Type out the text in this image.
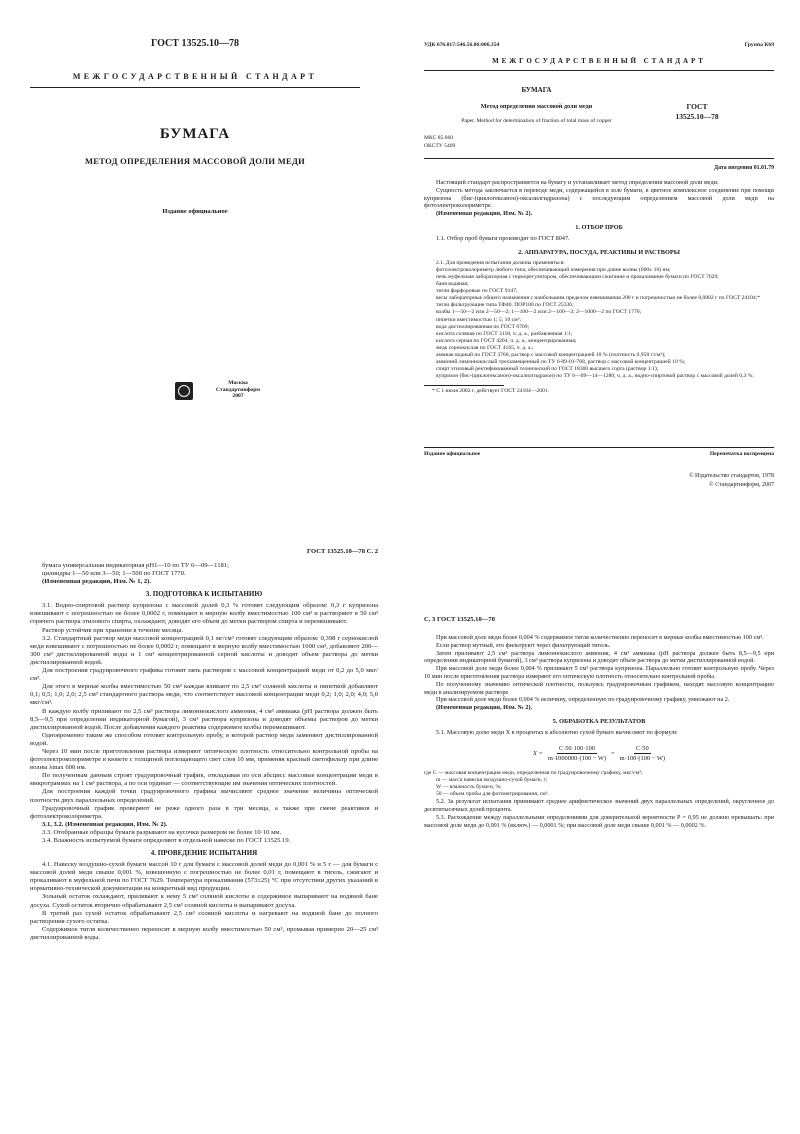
ГОСТ 13525.10—78
МЕЖГОСУДАРСТВЕННЫЙ СТАНДАРТ
БУМАГА
МЕТОД ОПРЕДЕЛЕНИЯ МАССОВОЙ ДОЛИ МЕДИ
Издание официальное
Москва
Стандартинформ
2007
УДК 676.017:546.56.06:006.354	Группа К69
МЕЖГОСУДАРСТВЕННЫЙ СТАНДАРТ
БУМАГА
Метод определения массовой доли меди
Paper. Method for determination of fraction of total mass of copper
ГОСТ
13525.10—78
МКС 85.060
ОКСТУ 5409
Дата введения 01.01.79

Настоящий стандарт распространяется на бумагу и устанавливает метод определения массовой доли меди.

Сущность метода заключается в переводе меди, содержащейся в золе бумаги, в цветное комплексное соединение при помощи купризона (бис-(циклогексанон)-оксалилгидразона) с последующим определением массовой доли меди на фотоэлектроколориметре.

(Измененная редакция, Изм. № 2).

1. ОТБОР ПРОБ

1.1. Отбор проб бумаги производят по ГОСТ 8047.

2. АППАРАТУРА, ПОСУДА, РЕАКТИВЫ И РАСТВОРЫ

2.1. Для проведения испытания должны применяться:

фотоэлектроколориметр любого типа, обеспечивающий измерения при длине волны (600± 10) нм;

печь муфельная лабораторная с терморегулятором, обеспечивающим сжигание и прокаливание бумаги по ГОСТ 7629;

баня водяная;

тигли фарфоровые по ГОСТ 9147;

весы лабораторные общего назначения с наибольшим пределом взвешивания 200 г и погрешностью не более 0,0002 г по ГОСТ 24104;*

тигли фильтрующие типа ТФ40, ПОР100 по ГОСТ 25336;

колбы 1—50—2 или 2—50—2; 1—100—2 или 2—100—2; 2—1000—2 по ГОСТ 1770;

пипетки вместимостью 1; 5; 10 см³;

вода дистиллированная по ГОСТ 6709;

кислота соляная по ГОСТ 3118, ч. д. а., разбавленная 1:1;

кислота серная по ГОСТ 4204, ч. д. а., концентрированная;

медь сернокислая по ГОСТ 4165, ч. д. а.;

аммиак водный по ГОСТ 3760, раствор с массовой концентрацией 10 % (плотность 0,958 г/см³);

аммоний лимоннокислый трехзамещенный по ТУ 6-09-01-768, раствор с массовой концентрацией 10 %;

спирт этиловый ректификованный технический по ГОСТ 18300 высшего сорта (раствор 1:1);

купризон (бис-(циклогексанон)-оксалилгидразон) по ТУ 6—09—14—1280, ч. д. а., водно-спиртовой раствор с массовой долей 0,3 %;

* С 1 июля 2002 г. действует ГОСТ 24104—2001.

Издание официальное	Перепечатка воспрещена
© Издательство стандартов, 1978
© Стандартинформ, 2007
ГОСТ 13525.10—78 С. 2

бумага универсальная индикаторная pH1—10 по ТУ 6—09—1181;

цилиндры 1—50 или 3—50; 1—500 по ГОСТ 1770.

(Измененная редакция, Изм. № 1, 2).

3. ПОДГОТОВКА К ИСПЫТАНИЮ

3.1. Водно-спиртовой раствор купризона с массовой долей 0,3 % готовят следующим образом: 0,3 г купризона взвешивают с погрешностью не более 0,0002 г, помещают в мерную колбу вместимостью 100 см³ и растворяют в 50 см³ горячего раствора этилового спирта, охлаждают, доводят его объем до метки раствором спирта и перемешивают.

Раствор устойчив при хранении в течение месяца.

3.2. Стандартный раствор меди массовой концентрацией 0,1 мг/см³ готовят следующим образом: 0,398 г сернокислой меди взвешивают с погрешностью не более 0,0002 г, помещают в мерную колбу вместимостью 1000 см³, добавляют 200—300 см³ дистиллированной воды и 1 см³ концентрированной серной кислоты и доводят объем раствора до метки дистиллированной водой.

Для построения градуировочного графика готовят пять растворов с массовой концентрацией меди от 0,2 до 5,0 мкг/см³.

Для этого в мерные колбы вместимостью 50 см³ каждая вливают по 2,5 см³ соляной кислоты и пипеткой добавляют 0,1; 0,5; 1,0; 2,0; 2,5 см³ стандартного раствора меди, что соответствует массовой концентрации меди 0,2; 1,0; 2,0; 4,0; 5,0 мкг/см³.

В каждую колбу приливают по 2,5 см³ раствора лимоннокислого аммония, 4 см³ аммиака (pH раствора должен быть 8,5—9,5 при определении индикаторной бумагой), 3 см³ раствора купризона и доводят объемы растворов до метки дистиллированной водой. После добавления каждого реактива содержимое колбы перемешивают.

Одновременно таким же способом готовят контрольную пробу, в которой раствор меди заменяют дистиллированной водой.

Через 10 мин после приготовления раствора измеряют оптическую плотность относительно контрольной пробы на фотоэлектроколориметре в кювете с толщиной поглощающего свет слоя 10 мм, применяя красный светофильтр при длине волны λmax 600 нм.

По полученным данным строят градуировочный график, откладывая по оси абсцисс массовые концентрации меди в микрограммах на 1 см³ раствора, а по оси ординат — соответствующие им значения оптических плотностей.

Для построения каждой точки градуировочного графика вычисляют среднее значение величины оптической плотности двух параллельных определений.

Градуировочный график проверяют не реже одного раза в три месяца, а также при смене реактивов и фотоэлектроколориметра.

3.1, 3.2. (Измененная редакция, Изм. № 2).

3.3. Отобранные образцы бумаги разрывают на кусочки размером не более 10·10 мм.

3.4. Влажность испытуемой бумаги определяют в отдельной навеске по ГОСТ 13525.19.

4. ПРОВЕДЕНИЕ ИСПЫТАНИЯ

4.1. Навеску воздушно-сухой бумаги массой 10 г для бумаги с массовой долей меди до 0,001 % и 5 г — для бумаги с массовой долей меди свыше 0,001 %, взвешенную с погрешностью не более 0,01 г, помещают в тигель, сжигают и прокаливают в муфельной печи по ГОСТ 7629. Температура прокаливания (573±25) °С при отсутствии других указаний в нормативно-технической документации на конкретный вид продукции.

Зольный остаток охлаждают, приливают к нему 5 см³ соляной кислоты и содержимое выпаривают на водяной бане досуха. Сухой остаток вторично обрабатывают 2,5 см³ соляной кислоты и выпаривают досуха.

В третий раз сухой остаток обрабатывают 2,5 см³ соляной кислоты и нагревают на водяной бане до полного растворения сухого остатка.

Содержимое тигля количественно переносят в мерную колбу вместимостью 50 см³, промывая примерно 20—25 см³ дистиллированной воды.

С. 3 ГОСТ 13525.10—78

При массовой доле меди более 0,004 % содержимое тигля количественно переносят в мерные колбы вместимостью 100 см³.

Если раствор мутный, его фильтруют через фильтрующий тигель.

Затем приливают 2,5 см³ раствора лимоннокислого аммония, 4 см³ аммиака (pH раствора должен быть 8,5—9,5 при определении индикаторной бумагой), 3 см³ раствора купризона и доводят объем раствора до метки дистиллированной водой.

При массовой доле меди более 0,004 % приливают 5 см³ раствора купризона. Параллельно готовят контрольную пробу. Через 10 мин после приготовления раствора измеряют его оптическую плотность относительно контрольной пробы.

По полученному значению оптической плотности, пользуясь градуировочным графиком, находят массовую концентрацию меди в анализируемом растворе.

При массовой доле меди более 0,004 % величину, определенную по градуировочному графику, умножают на 2.

(Измененная редакция, Изм. № 2).

5. ОБРАБОТКА РЕЗУЛЬТАТОВ

5.1. Массовую долю меди X в процентах к абсолютно сухой бумаге вычисляют по формуле

$X = \frac{C\cdot 50\cdot 100\cdot 100}{m\cdot 1000000\cdot(100 - W)} = \frac{C\cdot 50}{m\cdot 100\cdot(100 - W)}$

где C — массовая концентрация меди, определенная по градуировочному графику, мкг/см³;

m — масса навески воздушно-сухой бумаги, г;

W — влажность бумаги, %;

50 — объем пробы для фотометрирования, см³.

5.2. За результат испытания принимают среднее арифметическое значений двух параллельных определений, округленное до десятитысячных долей процента.

5.3. Расхождение между параллельными определениями для доверительной вероятности P = 0,95 не должно превышать: при массовой доле меди до 0,001 % (включ.) — 0,0001 %; при массовой доле меди свыше 0,001 % — 0,0002 %.
